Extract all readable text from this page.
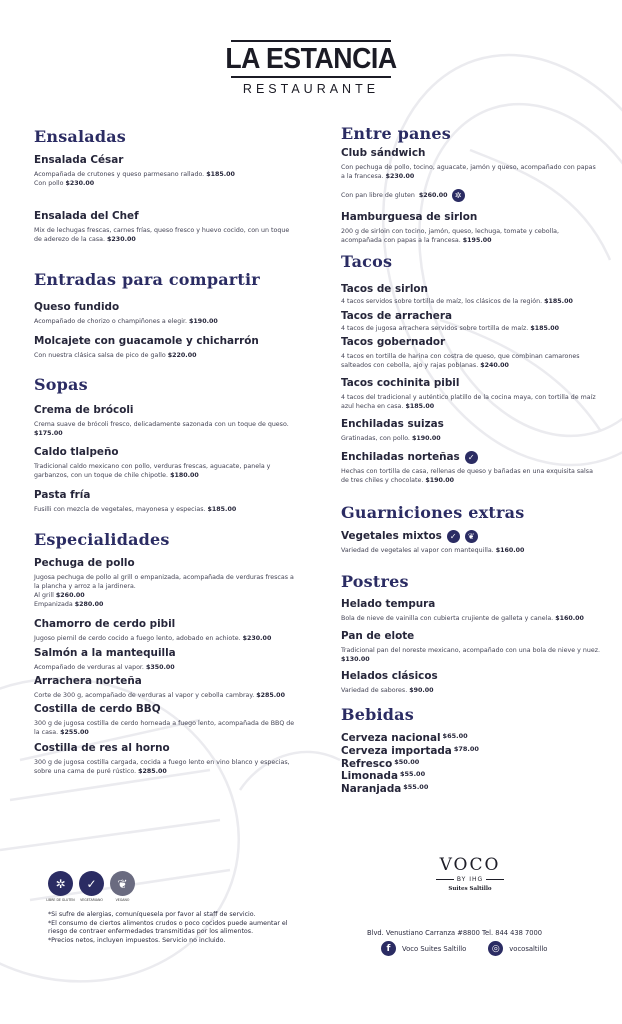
LA ESTANCIA
RESTAURANTE
Ensaladas
Ensalada César
Acompañada de crutones y queso parmesano rallado. $185.00
Con pollo $230.00
Ensalada del Chef
Mix de lechugas frescas, carnes frías, queso fresco y huevo cocido, con un toque de aderezo de la casa. $230.00
Entradas para compartir
Queso fundido
Acompañado de chorizo o champiñones a elegir. $190.00
Molcajete con guacamole y chicharrón
Con nuestra clásica salsa de pico de gallo $220.00
Sopas
Crema de brócoli
Crema suave de brócoli fresco, delicadamente sazonada con un toque de queso. $175.00
Caldo tlalpeño
Tradicional caldo mexicano con pollo, verduras frescas, aguacate, panela y garbanzos, con un toque de chile chipotle. $180.00
Pasta fría
Fusilli con mezcla de vegetales, mayonesa y especias. $185.00
Especialidades
Pechuga de pollo
Jugosa pechuga de pollo al grill o empanizada, acompañada de verduras frescas a la plancha y arroz a la jardinera.
Al grill $260.00
Empanizada $280.00
Chamorro de cerdo pibil
Jugoso piernil de cerdo cocido a fuego lento, adobado en achiote. $230.00
Salmón a la mantequilla
Acompañado de verduras al vapor. $350.00
Arrachera norteña
Corte de 300 g, acompañado de verduras al vapor y cebolla cambray. $285.00
Costilla de cerdo BBQ
300 g de jugosa costilla de cerdo horneada a fuego lento, acompañada de BBQ de la casa. $255.00
Costilla de res al horno
300 g de jugosa costilla cargada, cocida a fuego lento en vino blanco y especias, sobre una cama de puré rústico. $285.00
Entre panes
Club sándwich
Con pechuga de pollo, tocino, aguacate, jamón y queso, acompañado con papas a la francesa. $230.00
Con pan libre de gluten $260.00 ✲
Hamburguesa de sirlon
200 g de sirloin con tocino, jamón, queso, lechuga, tomate y cebolla, acompañada con papas a la francesa. $195.00
Tacos
Tacos de sirlon
4 tacos servidos sobre tortilla de maíz, los clásicos de la región. $185.00
Tacos de arrachera
4 tacos de jugosa arrachera servidos sobre tortilla de maíz. $185.00
Tacos gobernador
4 tacos en tortilla de harina con costra de queso, que combinan camarones salteados con cebolla, ajo y rajas poblanas. $240.00
Tacos cochinita pibil
4 tacos del tradicional y auténtico platillo de la cocina maya, con tortilla de maíz azul hecha en casa. $185.00
Enchiladas suizas
Gratinadas, con pollo. $190.00
Enchiladas norteñas	✓
Hechas con tortilla de casa, rellenas de queso y bañadas en una exquisita salsa de tres chiles y chocolate. $190.00
Guarniciones extras
Vegetales mixtos	✓	❦
Variedad de vegetales al vapor con mantequilla. $160.00
Postres
Helado tempura
Bola de nieve de vainilla con cubierta crujiente de galleta y canela. $160.00
Pan de elote
Tradicional pan del noreste mexicano, acompañado con una bola de nieve y nuez. $130.00
Helados clásicos
Variedad de sabores. $90.00
Bebidas
Cerveza nacional $^{\$65.00}$
Cerveza importada $^{\$78.00}$
Refresco $^{\$50.00}$
Limonada $^{\$55.00}$
Naranjada $^{\$55.00}$
✲
LIBRE DE GLUTEN
✓
VEGETARIANO
❦
VEGANO
*Si sufre de alergias, comuníquesela por favor al staff de servicio.
*El consumo de ciertos alimentos crudos o poco cocidos puede aumentar el riesgo de contraer enfermedades transmitidas por los alimentos.
*Precios netos, incluyen impuestos. Servicio no incluido.
VOCO
BY IHG
Suites Saltillo
Blvd. Venustiano Carranza #8800 Tel. 844 438 7000
f	Voco Suites Saltillo	◎	vocosaltillo
